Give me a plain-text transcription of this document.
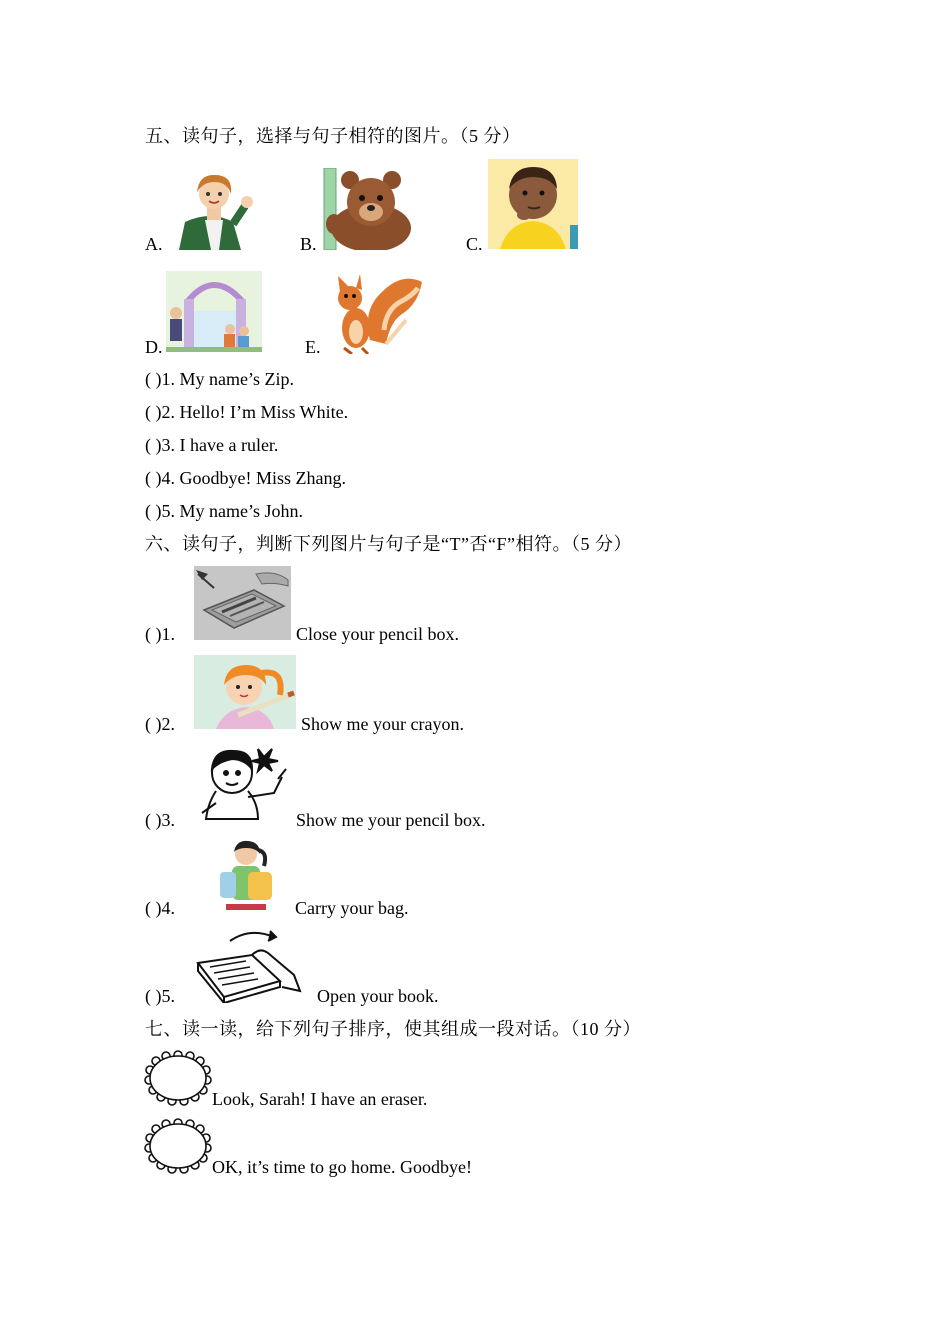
五、读句子，选择与句子相符的图片。（5 分）
A.	B.	C.
D.	E.
( )1. My name’s Zip.
( )2. Hello! I’m Miss White.
( )3. I have a ruler.
( )4. Goodbye! Miss Zhang.
( )5. My name’s John.
六、读句子，判断下列图片与句子是“T”否“F”相符。（5 分）
( )1.	Close your pencil box.
( )2.	Show me your crayon.
( )3.	Show me your pencil box.
( )4.	Carry your bag.
( )5.	Open your book.
七、读一读，给下列句子排序，使其组成一段对话。（10 分）
Look, Sarah! I have an eraser.
OK, it’s time to go home. Goodbye!
